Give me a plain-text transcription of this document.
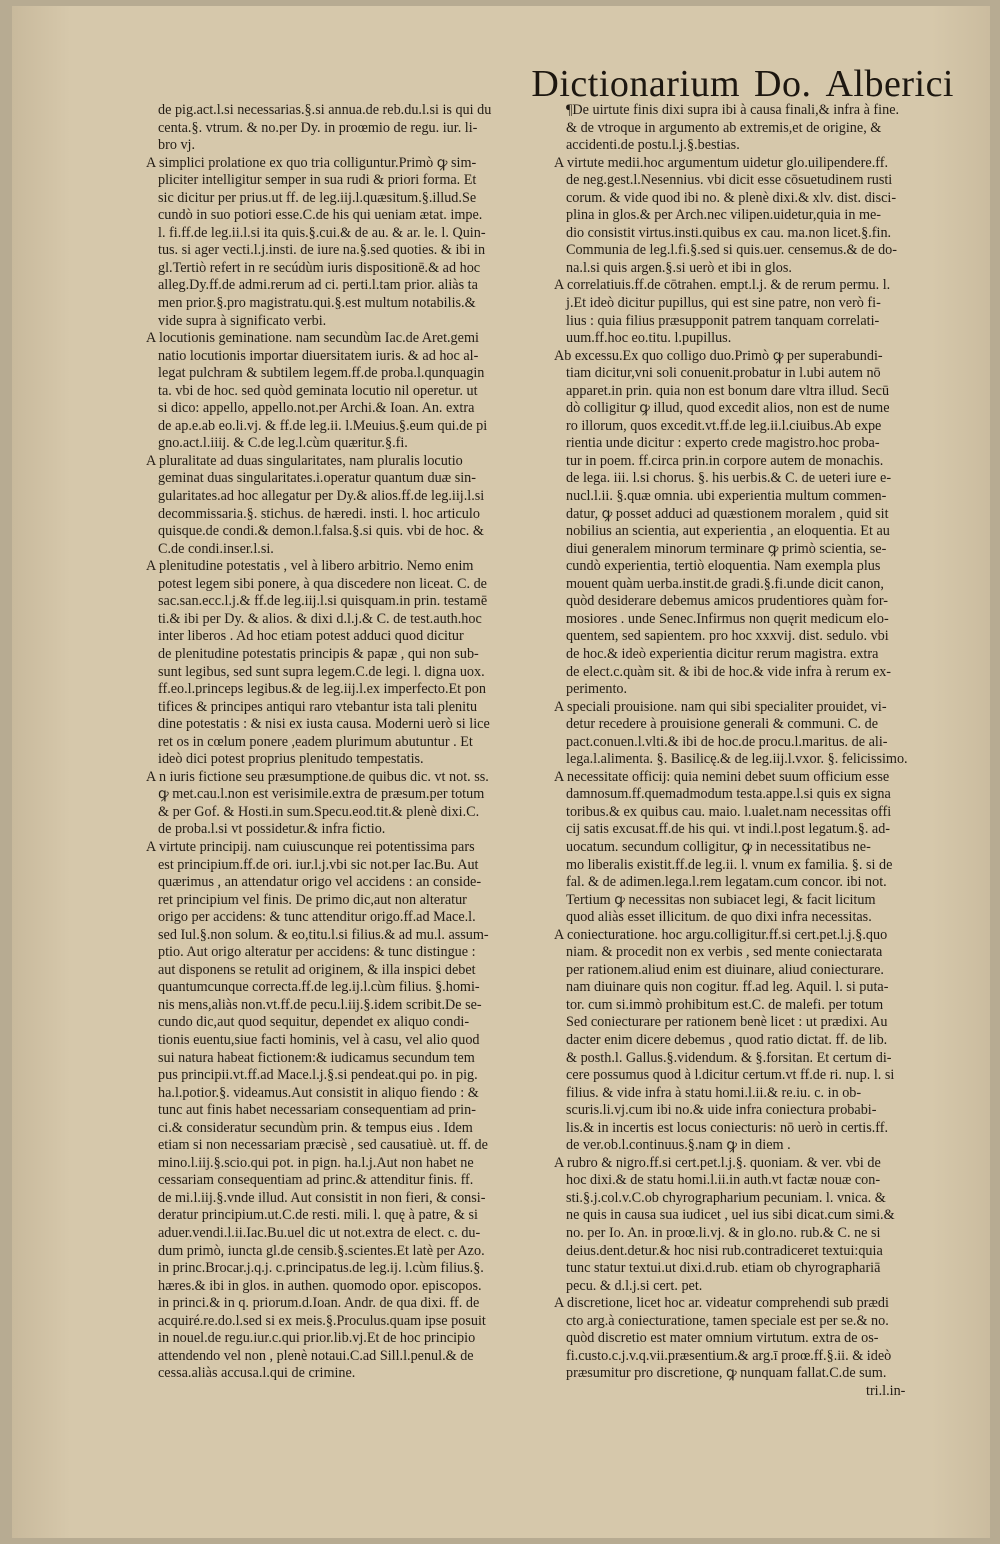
Dictionarium Do. Alberici
de pig.act.l.si necessarias.§.si annua.de reb.du.l.si is qui du
centa.§. vtrum. & no.per Dy. in proœmio de regu. iur. li-
bro vj.
A simplici prolatione ex quo tria colliguntur.Primò ꝙ sim-
pliciter intelligitur semper in sua rudi & priori forma. Et
sic dicitur per prius.ut ff. de leg.iij.l.quæsitum.§.illud.Se
cundò in suo potiori esse.C.de his qui ueniam ætat. impe.
l. fi.ff.de leg.ii.l.si ita quis.§.cui.& de au. & ar. le. l. Quin-
tus. si ager vecti.l.j.insti. de iure na.§.sed quoties. & ibi in
gl.Tertiò refert in re secúdùm iuris dispositionē.& ad hoc
alleg.Dy.ff.de admi.rerum ad ci. perti.l.tam prior. aliàs ta
men prior.§.pro magistratu.qui.§.est multum notabilis.&
vide supra à significato verbi.
A locutionis geminatione. nam secundùm Iac.de Aret.gemi
natio locutionis importar diuersitatem iuris. & ad hoc al-
legat pulchram & subtilem legem.ff.de proba.l.qunquagin
ta. vbi de hoc. sed quòd geminata locutio nil operetur. ut
si dico: appello, appello.not.per Archi.& Ioan. An. extra
de ap.e.ab eo.li.vj. & ff.de leg.ii. l.Meuius.§.eum qui.de pi
gno.act.l.iiij. & C.de leg.l.cùm quæritur.§.fi.
A pluralitate ad duas singularitates, nam pluralis locutio
geminat duas singularitates.i.operatur quantum duæ sin-
gularitates.ad hoc allegatur per Dy.& alios.ff.de leg.iij.l.si
decommissaria.§. stichus. de hæredi. insti. l. hoc articulo
quisque.de condi.& demon.l.falsa.§.si quis. vbi de hoc. &
C.de condi.inser.l.si.
A plenitudine potestatis , vel à libero arbitrio. Nemo enim
potest legem sibi ponere, à qua discedere non liceat. C. de
sac.san.ecc.l.j.& ff.de leg.iij.l.si quisquam.in prin. testamē
ti.& ibi per Dy. & alios. & dixi d.l.j.& C. de test.auth.hoc
inter liberos . Ad hoc etiam potest adduci quod dicitur
de plenitudine potestatis principis & papæ , qui non sub-
sunt legibus, sed sunt supra legem.C.de legi. l. digna uox.
ff.eo.l.princeps legibus.& de leg.iij.l.ex imperfecto.Et pon
tifices & principes antiqui raro vtebantur ista tali plenitu
dine potestatis : & nisi ex iusta causa. Moderni uerò si lice
ret os in cœlum ponere ,eadem plurimum abutuntur . Et
ideò dici potest proprius plenitudo tempestatis.
A n iuris fictione seu præsumptione.de quibus dic. vt not. ss.
ꝙ met.cau.l.non est verisimile.extra de præsum.per totum
& per Gof. & Hosti.in sum.Specu.eod.tit.& plenè dixi.C.
de proba.l.si vt possidetur.& infra fictio.
A virtute principij. nam cuiuscunque rei potentissima pars
est principium.ff.de ori. iur.l.j.vbi sic not.per Iac.Bu. Aut
quærimus , an attendatur origo vel accidens : an conside-
ret principium vel finis. De primo dic,aut non alteratur
origo per accidens: & tunc attenditur origo.ff.ad Mace.l.
sed Iul.§.non solum. & eo,titu.l.si filius.& ad mu.l. assum-
ptio. Aut origo alteratur per accidens: & tunc distingue :
aut disponens se retulit ad originem, & illa inspici debet
quantumcunque correcta.ff.de leg.ij.l.cùm filius. §.homi-
nis mens,aliàs non.vt.ff.de pecu.l.iij.§.idem scribit.De se-
cundo dic,aut quod sequitur, dependet ex aliquo condi-
tionis euentu,siue facti hominis, vel à casu, vel alio quod
sui natura habeat fictionem:& iudicamus secundum tem
pus principii.vt.ff.ad Mace.l.j.§.si pendeat.qui po. in pig.
ha.l.potior.§. videamus.Aut consistit in aliquo fiendo : &
tunc aut finis habet necessariam consequentiam ad prin-
ci.& consideratur secundùm prin. & tempus eius . Idem
etiam si non necessariam præcisè , sed causatiuè. ut. ff. de
mino.l.iij.§.scio.qui pot. in pign. ha.l.j.Aut non habet ne
cessariam consequentiam ad princ.& attenditur finis. ff.
de mi.l.iij.§.vnde illud. Aut consistit in non fieri, & consi-
deratur principium.ut.C.de resti. mili. l. quę à patre, & si
aduer.vendi.l.ii.Iac.Bu.uel dic ut not.extra de elect. c. du-
dum primò, iuncta gl.de censib.§.scientes.Et latè per Azo.
in princ.Brocar.j.q.j. c.principatus.de leg.ij. l.cùm filius.§.
hæres.& ibi in glos. in authen. quomodo opor. episcopos.
in princi.& in q. priorum.d.Ioan. Andr. de qua dixi. ff. de
acquiré.re.do.l.sed si ex meis.§.Proculus.quam ipse posuit
in nouel.de regu.iur.c.qui prior.lib.vj.Et de hoc principio
attendendo vel non , plenè notaui.C.ad Sill.l.penul.& de
cessa.aliàs accusa.l.qui de crimine.
¶De uirtute finis dixi supra ibi à causa finali,& infra à fine.
& de vtroque in argumento ab extremis,et de origine, &
accidenti.de postu.l.j.§.bestias.
A virtute medii.hoc argumentum uidetur glo.uilipendere.ff.
de neg.gest.l.Nesennius. vbi dicit esse cōsuetudinem rusti
corum. & vide quod ibi no. & plenè dixi.& xlv. dist. disci-
plina in glos.& per Arch.nec vilipen.uidetur,quia in me-
dio consistit virtus.insti.quibus ex cau. ma.non licet.§.fin.
Communia de leg.l.fi.§.sed si quis.uer. censemus.& de do-
na.l.si quis argen.§.si uerò et ibi in glos.
A correlatiuis.ff.de cōtrahen. empt.l.j. & de rerum permu. l.
j.Et ideò dicitur pupillus, qui est sine patre, non verò fi-
lius : quia filius præsupponit patrem tanquam correlati-
uum.ff.hoc eo.titu. l.pupillus.
Ab excessu.Ex quo colligo duo.Primò ꝙ per superabundi-
tiam dicitur,vni soli conuenit.probatur in l.ubi autem nō
apparet.in prin. quia non est bonum dare vltra illud. Secū
dò colligitur ꝙ illud, quod excedit alios, non est de nume
ro illorum, quos excedit.vt.ff.de leg.ii.l.ciuibus.Ab expe
rientia unde dicitur : experto crede magistro.hoc proba-
tur in poem. ff.circa prin.in corpore autem de monachis.
de lega. iii. l.si chorus. §. his uerbis.& C. de ueteri iure e-
nucl.l.ii. §.quæ omnia. ubi experientia multum commen-
datur, ꝙ posset adduci ad quæstionem moralem , quid sit
nobilius an scientia, aut experientia , an eloquentia. Et au
diui generalem minorum terminare ꝙ primò scientia, se-
cundò experientia, tertiò eloquentia. Nam exempla plus
mouent quàm uerba.instit.de gradi.§.fi.unde dicit canon,
quòd desiderare debemus amicos prudentiores quàm for-
mosiores . unde Senec.Infirmus non quęrit medicum elo-
quentem, sed sapientem. pro hoc xxxvij. dist. sedulo. vbi
de hoc.& ideò experientia dicitur rerum magistra. extra
de elect.c.quàm sit. & ibi de hoc.& vide infra à rerum ex-
perimento.
A speciali prouisione. nam qui sibi specialiter prouidet, vi-
detur recedere à prouisione generali & communi. C. de
pact.conuen.l.vlti.& ibi de hoc.de procu.l.maritus. de ali-
lega.l.alimenta. §. Basilicę.& de leg.iij.l.vxor. §. felicissimo.
A necessitate officij: quia nemini debet suum officium esse
damnosum.ff.quemadmodum testa.appe.l.si quis ex signa
toribus.& ex quibus cau. maio. l.ualet.nam necessitas offi
cij satis excusat.ff.de his qui. vt indi.l.post legatum.§. ad-
uocatum. secundum colligitur, ꝙ in necessitatibus ne-
mo liberalis existit.ff.de leg.ii. l. vnum ex familia. §. si de
fal. & de adimen.lega.l.rem legatam.cum concor. ibi not.
Tertium ꝙ necessitas non subiacet legi, & facit licitum
quod aliàs esset illicitum. de quo dixi infra necessitas.
A coniecturatione. hoc argu.colligitur.ff.si cert.pet.l.j.§.quo
niam. & procedit non ex verbis , sed mente coniectarata
per rationem.aliud enim est diuinare, aliud coniecturare.
nam diuinare quis non cogitur. ff.ad leg. Aquil. l. si puta-
tor. cum si.immò prohibitum est.C. de malefi. per totum
Sed coniecturare per rationem benè licet : ut prædixi. Au
dacter enim dicere debemus , quod ratio dictat. ff. de lib.
& posth.l. Gallus.§.videndum. & §.forsitan. Et certum di-
cere possumus quod à l.dicitur certum.vt ff.de ri. nup. l. si
filius. & vide infra à statu homi.l.ii.& re.iu. c. in ob-
scuris.li.vj.cum ibi no.& uide infra coniectura probabi-
lis.& in incertis est locus coniecturis: nō uerò in certis.ff.
de ver.ob.l.continuus.§.nam ꝙ in diem .
A rubro & nigro.ff.si cert.pet.l.j.§. quoniam. & ver. vbi de
hoc dixi.& de statu homi.l.ii.in auth.vt factæ nouæ con-
sti.§.j.col.v.C.ob chyrographarium pecuniam. l. vnica. &
ne quis in causa sua iudicet , uel ius sibi dicat.cum simi.&
no. per Io. An. in proœ.li.vj. & in glo.no. rub.& C. ne si
deius.dent.detur.& hoc nisi rub.contradiceret textui:quia
tunc statur textui.ut dixi.d.rub. etiam ob chyrographariā
pecu. & d.l.j.si cert. pet.
A discretione, licet hoc ar. videatur comprehendi sub prædi
cto arg.à coniecturatione, tamen speciale est per se.& no.
quòd discretio est mater omnium virtutum. extra de os-
fi.custo.c.j.v.q.vii.præsentium.& arg.ī proœ.ff.§.ii. & ideò
præsumitur pro discretione, ꝙ nunquam fallat.C.de sum.
tri.l.in-
